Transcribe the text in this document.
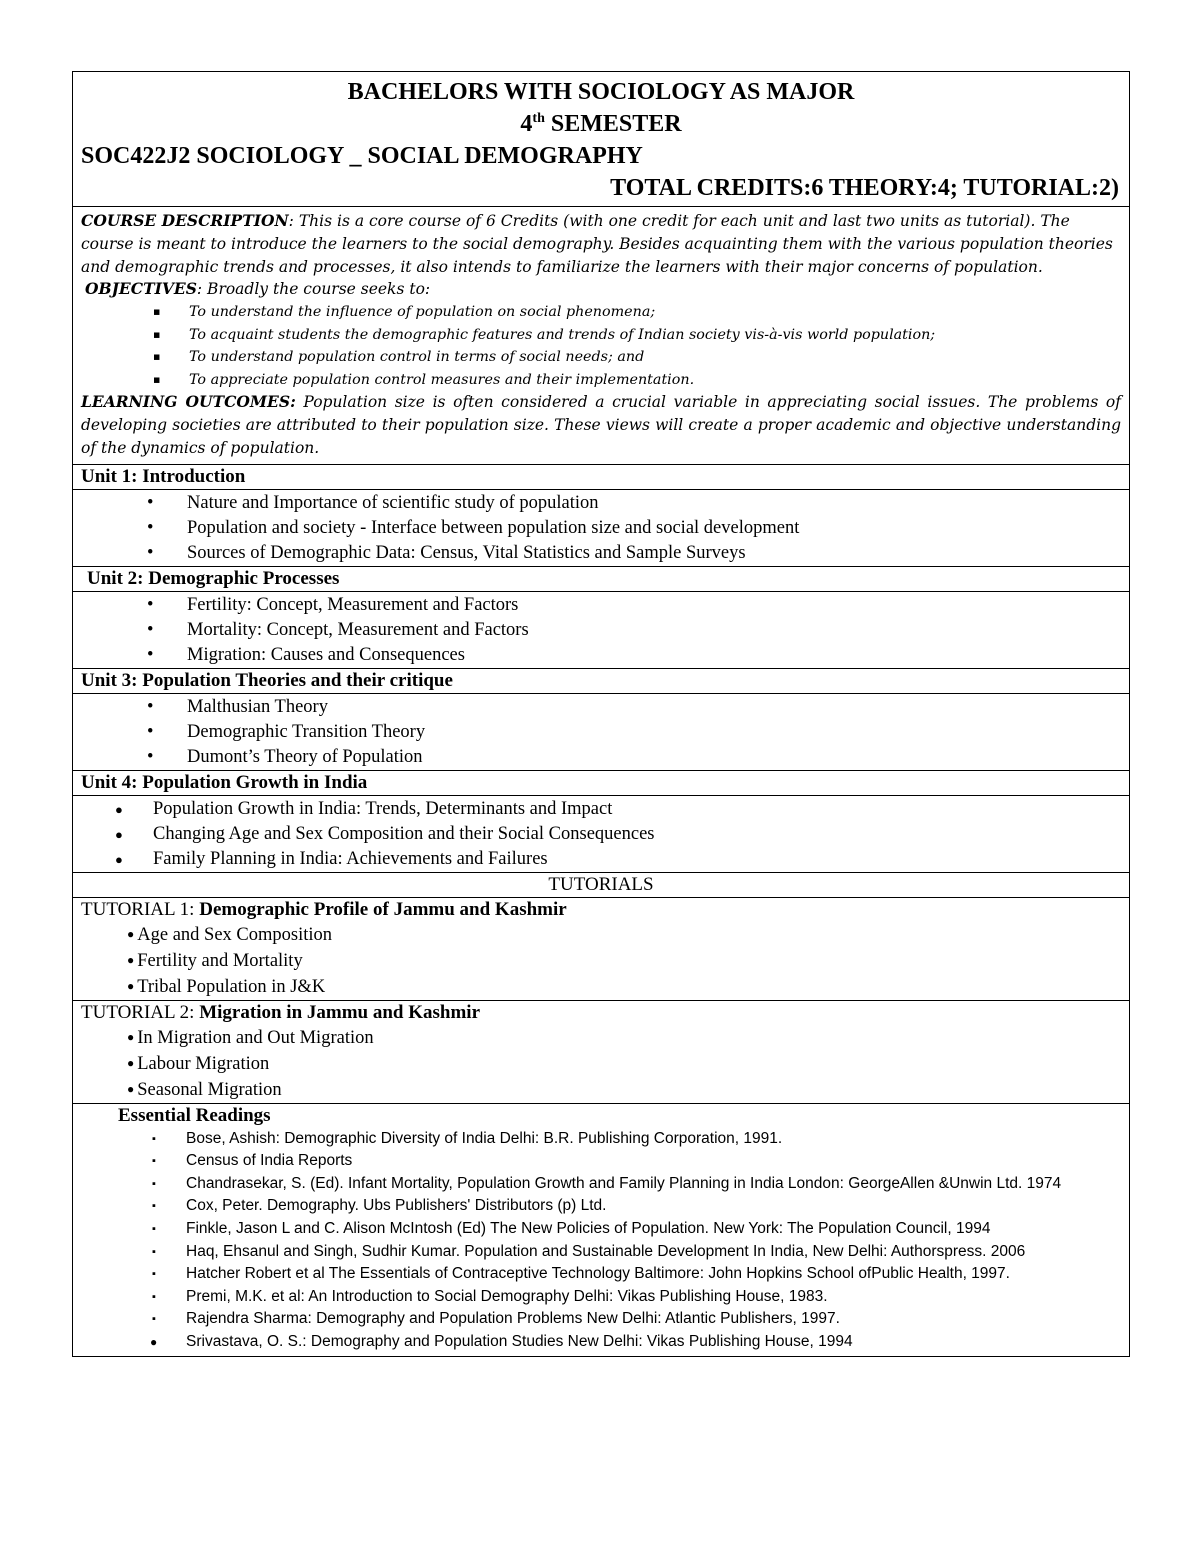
BACHELORS WITH SOCIOLOGY AS MAJOR
4th SEMESTER
SOC422J2 SOCIOLOGY _ SOCIAL DEMOGRAPHY
TOTAL CREDITS:6 THEORY:4; TUTORIAL:2)
COURSE DESCRIPTION: This is a core course of 6 Credits (with one credit for each unit and last two units as tutorial). The course is meant to introduce the learners to the social demography. Besides acquainting them with the various population theories and demographic trends and processes, it also intends to familiarize the learners with their major concerns of population.
OBJECTIVES: Broadly the course seeks to:
▪ To understand the influence of population on social phenomena;
▪ To acquaint students the demographic features and trends of Indian society vis-à-vis world population;
▪ To understand population control in terms of social needs; and
▪ To appreciate population control measures and their implementation.
LEARNING OUTCOMES: Population size is often considered a crucial variable in appreciating social issues. The problems of developing societies are attributed to their population size. These views will create a proper academic and objective understanding of the dynamics of population.
Unit 1: Introduction
• Nature and Importance of scientific study of population
• Population and society - Interface between population size and social development
• Sources of Demographic Data: Census, Vital Statistics and Sample Surveys
Unit 2: Demographic Processes
• Fertility: Concept, Measurement and Factors
• Mortality: Concept, Measurement and Factors
• Migration: Causes and Consequences
Unit 3: Population Theories and their critique
• Malthusian Theory
• Demographic Transition Theory
• Dumont’s Theory of Population
Unit 4: Population Growth in India
● Population Growth in India: Trends, Determinants and Impact
● Changing Age and Sex Composition and their Social Consequences
● Family Planning in India: Achievements and Failures
TUTORIALS
TUTORIAL 1: Demographic Profile of Jammu and Kashmir
● Age and Sex Composition
● Fertility and Mortality
● Tribal Population in J&K
TUTORIAL 2: Migration in Jammu and Kashmir
● In Migration and Out Migration
● Labour Migration
● Seasonal Migration
Essential Readings
▪ Bose, Ashish: Demographic Diversity of India Delhi: B.R. Publishing Corporation, 1991.
▪ Census of India Reports
▪ Chandrasekar, S. (Ed). Infant Mortality, Population Growth and Family Planning in India London: GeorgeAllen &Unwin Ltd. 1974
▪ Cox, Peter. Demography. Ubs Publishers' Distributors (p) Ltd.
▪ Finkle, Jason L and C. Alison McIntosh (Ed) The New Policies of Population. New York: The Population Council, 1994
▪ Haq, Ehsanul and Singh, Sudhir Kumar. Population and Sustainable Development In India, New Delhi: Authorspress. 2006
▪ Hatcher Robert et al The Essentials of Contraceptive Technology Baltimore: John Hopkins School ofPublic Health, 1997.
▪ Premi, M.K. et al: An Introduction to Social Demography Delhi: Vikas Publishing House, 1983.
▪ Rajendra Sharma: Demography and Population Problems New Delhi: Atlantic Publishers, 1997.
● Srivastava, O. S.: Demography and Population Studies New Delhi: Vikas Publishing House, 1994
